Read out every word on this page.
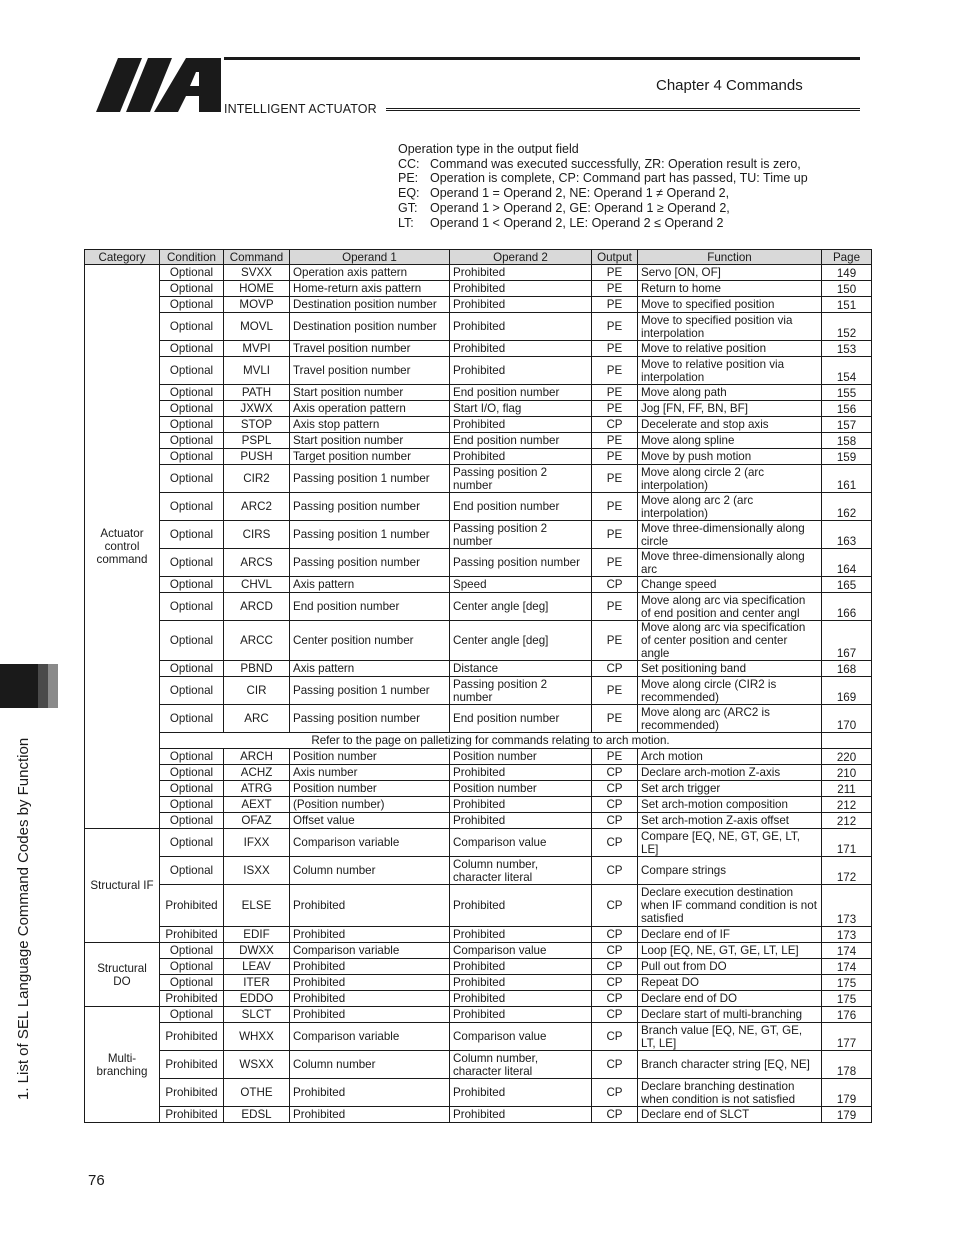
INTELLIGENT ACTUATOR
Chapter 4 Commands
Operation type in the output field
CC: Command was executed successfully, ZR: Operation result is zero,
PE: Operation is complete, CP: Command part has passed, TU: Time up
EQ: Operand 1 = Operand 2, NE: Operand 1 ≠ Operand 2,
GT:	Operand 1 > Operand 2, GE: Operand 1 ≥ Operand 2,
LT:	Operand 1 < Operand 2, LE: Operand 2 ≤ Operand 2
1. List of SEL Language Command Codes by Function
Category	Condition	Command	Operand 1	Operand 2	Output	Function	Page
Actuator control command	Optional	SVXX	Operation axis pattern	Prohibited	PE	Servo [ON, OF]	149
	Optional	HOME	Home-return axis pattern	Prohibited	PE	Return to home	150
	Optional	MOVP	Destination position number	Prohibited	PE	Move to specified position	151
	Optional	MOVL	Destination position number	Prohibited	PE	Move to specified position via interpolation	152
	Optional	MVPI	Travel position number	Prohibited	PE	Move to relative position	153
	Optional	MVLI	Travel position number	Prohibited	PE	Move to relative position via interpolation	154
	Optional	PATH	Start position number	End position number	PE	Move along path	155
	Optional	JXWX	Axis operation pattern	Start I/O, flag	PE	Jog [FN, FF, BN, BF]	156
	Optional	STOP	Axis stop pattern	Prohibited	CP	Decelerate and stop axis	157
	Optional	PSPL	Start position number	End position number	PE	Move along spline	158
	Optional	PUSH	Target position number	Prohibited	PE	Move by push motion	159
	Optional	CIR2	Passing position 1 number	Passing position 2 number	PE	Move along circle 2 (arc interpolation)	161
	Optional	ARC2	Passing position number	End position number	PE	Move along arc 2 (arc interpolation)	162
	Optional	CIRS	Passing position 1 number	Passing position 2 number	PE	Move three-dimensionally along circle	163
	Optional	ARCS	Passing position number	Passing position number	PE	Move three-dimensionally along arc	164
	Optional	CHVL	Axis pattern	Speed	CP	Change speed	165
	Optional	ARCD	End position number	Center angle [deg]	PE	Move along arc via specification of end position and center angl	166
	Optional	ARCC	Center position number	Center angle [deg]	PE	Move along arc via specification of center position and center angle	167
	Optional	PBND	Axis pattern	Distance	CP	Set positioning band	168
	Optional	CIR	Passing position 1 number	Passing position 2 number	PE	Move along circle (CIR2 is recommended)	169
	Optional	ARC	Passing position number	End position number	PE	Move along arc (ARC2 is recommended)	170
	Refer to the page on palletizing for commands relating to arch motion.						
	Optional	ARCH	Position number	Position number	PE	Arch motion	220
	Optional	ACHZ	Axis number	Prohibited	CP	Declare arch-motion Z-axis	210
	Optional	ATRG	Position number	Position number	CP	Set arch trigger	211
	Optional	AEXT	(Position number)	Prohibited	CP	Set arch-motion composition	212
	Optional	OFAZ	Offset value	Prohibited	CP	Set arch-motion Z-axis offset	212
Structural IF	Optional	IFXX	Comparison variable	Comparison value	CP	Compare [EQ, NE, GT, GE, LT, LE]	171
	Optional	ISXX	Column number	Column number, character literal	CP	Compare strings	172
	Prohibited	ELSE	Prohibited	Prohibited	CP	Declare execution destination when IF command condition is not satisfied	173
	Prohibited	EDIF	Prohibited	Prohibited	CP	Declare end of IF	173
Structural DO	Optional	DWXX	Comparison variable	Comparison value	CP	Loop [EQ, NE, GT, GE, LT, LE]	174
	Optional	LEAV	Prohibited	Prohibited	CP	Pull out from DO	174
	Optional	ITER	Prohibited	Prohibited	CP	Repeat DO	175
	Prohibited	EDDO	Prohibited	Prohibited	CP	Declare end of DO	175
Multi-branching	Optional	SLCT	Prohibited	Prohibited	CP	Declare start of multi-branching	176
	Prohibited	WHXX	Comparison variable	Comparison value	CP	Branch value [EQ, NE, GT, GE, LT, LE]	177
	Prohibited	WSXX	Column number	Column number, character literal	CP	Branch character string [EQ, NE]	178
	Prohibited	OTHE	Prohibited	Prohibited	CP	Declare branching destination when condition is not satisfied	179
	Prohibited	EDSL	Prohibited	Prohibited	CP	Declare end of SLCT	179
76
